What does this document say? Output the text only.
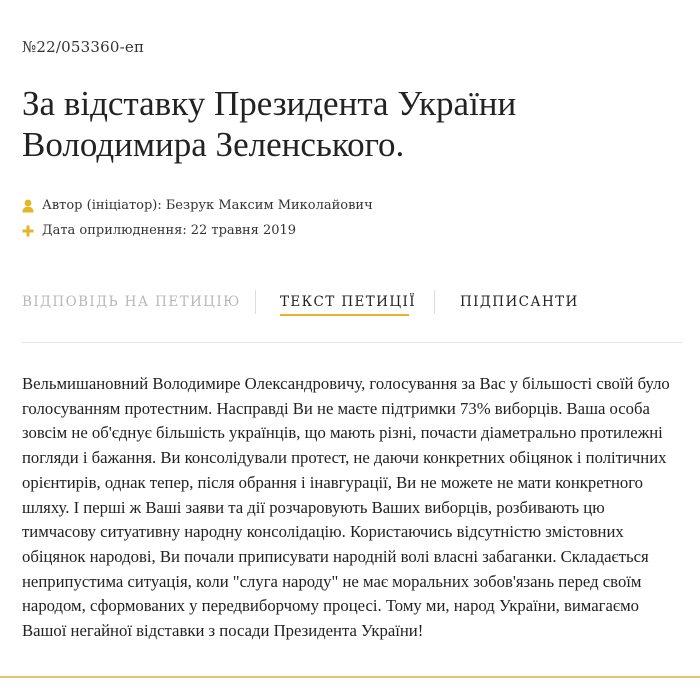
№22/053360-еп
За відставку Президента України Володимира Зеленського.
Автор (ініціатор): Безрук Максим Миколайович
Дата оприлюднення: 22 травня 2019
ВІДПОВІДЬ НА ПЕТИЦІЮ	ТЕКСТ ПЕТИЦІЇ	ПІДПИСАНТИ

Вельмишановний Володимире Олександровичу, голосування за Вас у більшості своїй було голосуванням протестним. Насправді Ви не маєте підтримки 73% виборців. Ваша особа зовсім не об'єднує більшість українців, що мають різні, почасти діаметрально протилежні погляди і бажання. Ви консолідували протест, не даючи конкретних обіцянок і політичних орієнтирів, однак тепер, після обрання і інавгурації, Ви не можете не мати конкретного шляху. І перші ж Ваші заяви та дії розчаровують Ваших виборців, розбивають цю тимчасову ситуативну народну консолідацію. Користаючись відсутністю змістовних обіцянок народові, Ви почали приписувати народній волі власні забаганки. Складається неприпустима ситуація, коли "слуга народу" не має моральних зобов'язань перед своїм народом, сформованих у передвиборчому процесі. Тому ми, народ України, вимагаємо Вашої негайної відставки з посади Президента України!
